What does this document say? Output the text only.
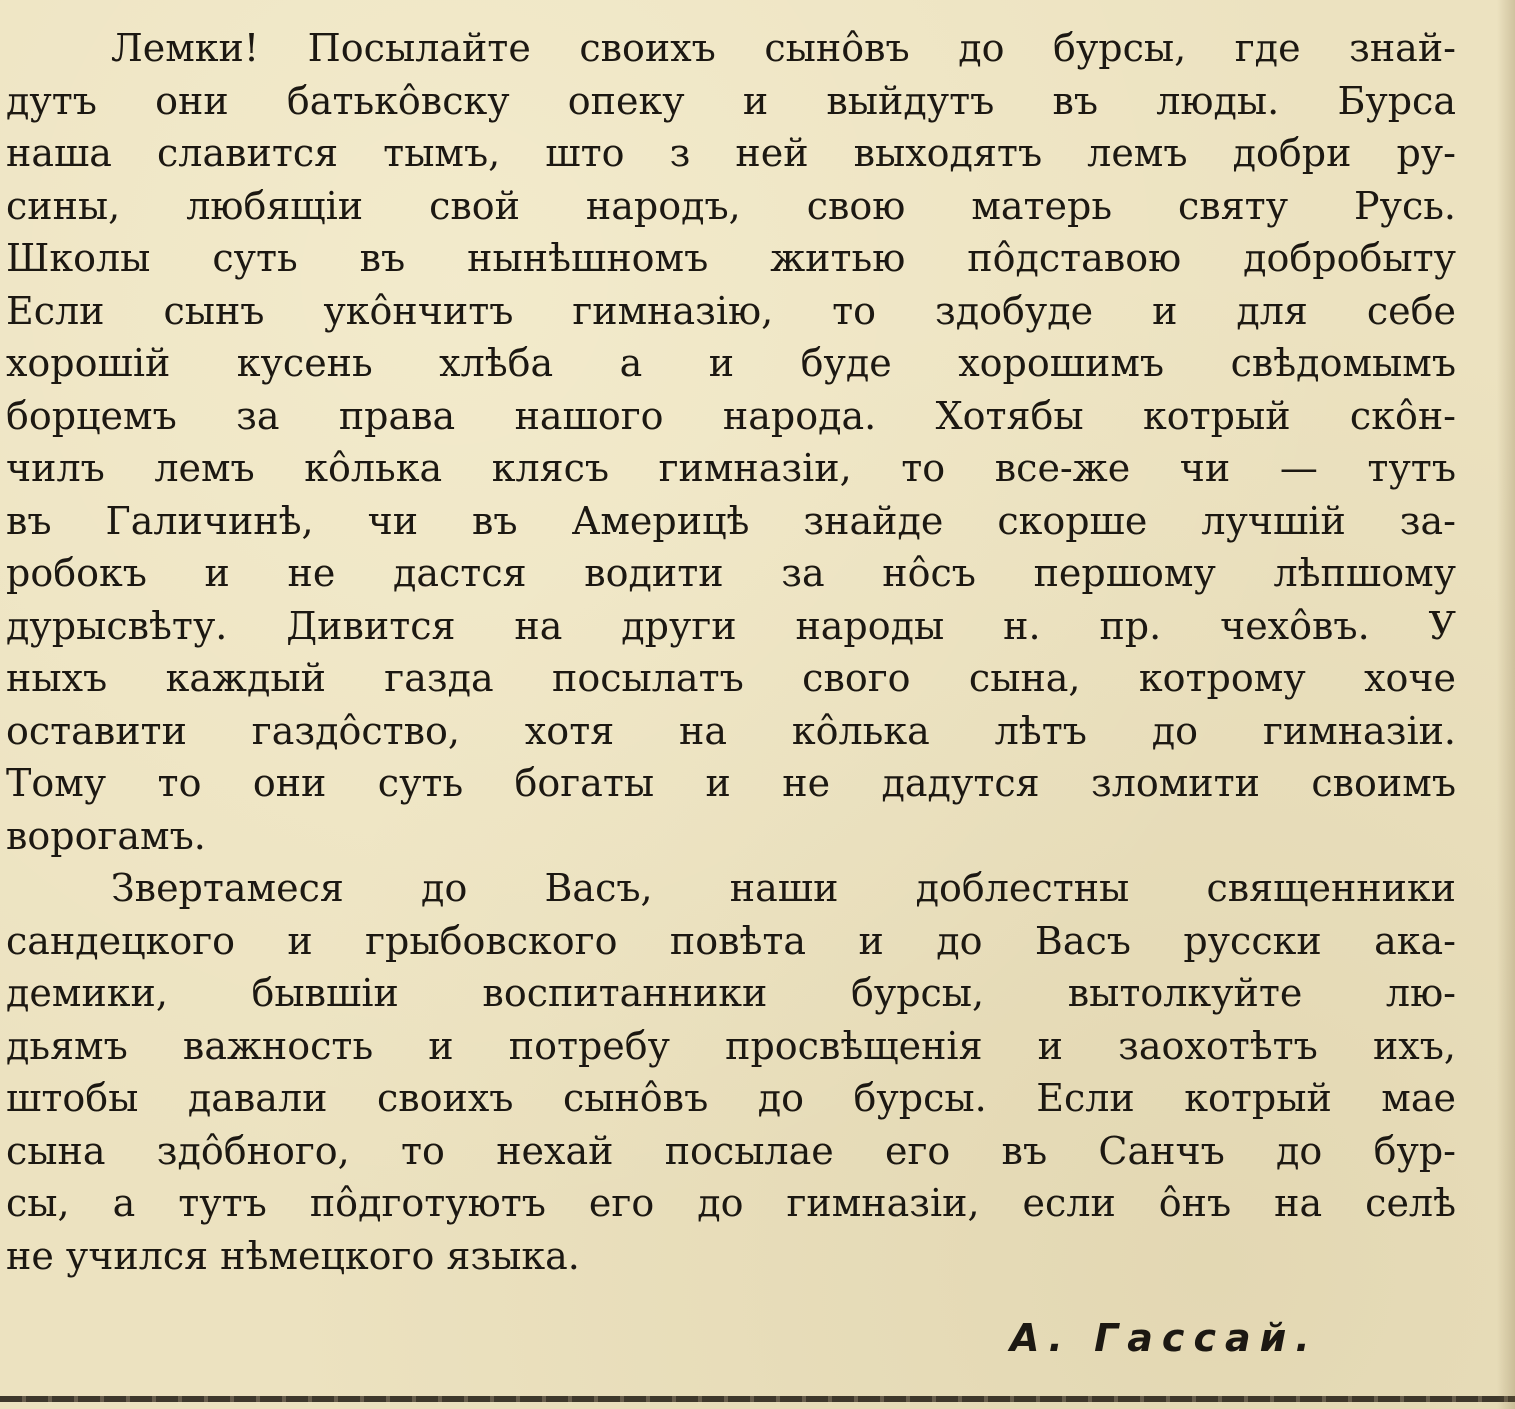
Лемки! Посылайте своихъ сынôвъ до бурсы, где знай-
дутъ они батькôвску опеку и выйдутъ въ люды. Бурса
наша славится тымъ, што з ней выходятъ лемъ добри ру-
сины, любящіи свой народъ, свою матерь святу Русь.
Школы суть въ нынѣшномъ житью пôдставою добробыту
Если сынъ укôнчитъ гимназію, то здобуде и для себе
хорошій кусень хлѣба а и буде хорошимъ свѣдомымъ
борцемъ за права нашого народа. Хотябы котрый скôн-
чилъ лемъ кôлька клясъ гимназіи, то все-же чи — тутъ
въ Галичинѣ, чи въ Америцѣ знайде скорше лучшій за-
робокъ и не дастся водити за нôсъ першому лѣпшому
дурысвѣту. Дивится на други народы н. пр. чехôвъ. У
ныхъ каждый газда посылатъ свого сына, котрому хоче
оставити газдôство, хотя на кôлька лѣтъ до гимназіи.
Тому то они суть богаты и не дадутся зломити своимъ
ворогамъ.
Звертамеся до Васъ, наши доблестны священники
сандецкого и грыбовского повѣта и до Васъ русски ака-
демики, бывшіи воспитанники бурсы, вытолкуйте лю-
дьямъ важность и потребу просвѣщенія и заохотѣтъ ихъ,
штобы давали своихъ сынôвъ до бурсы. Если котрый мае
сына здôбного, то нехай посылае его въ Санчъ до бур-
сы, а тутъ пôдготуютъ его до гимназіи, если ôнъ на селѣ
не учился нѣмецкого языка.
А. Гассай.
